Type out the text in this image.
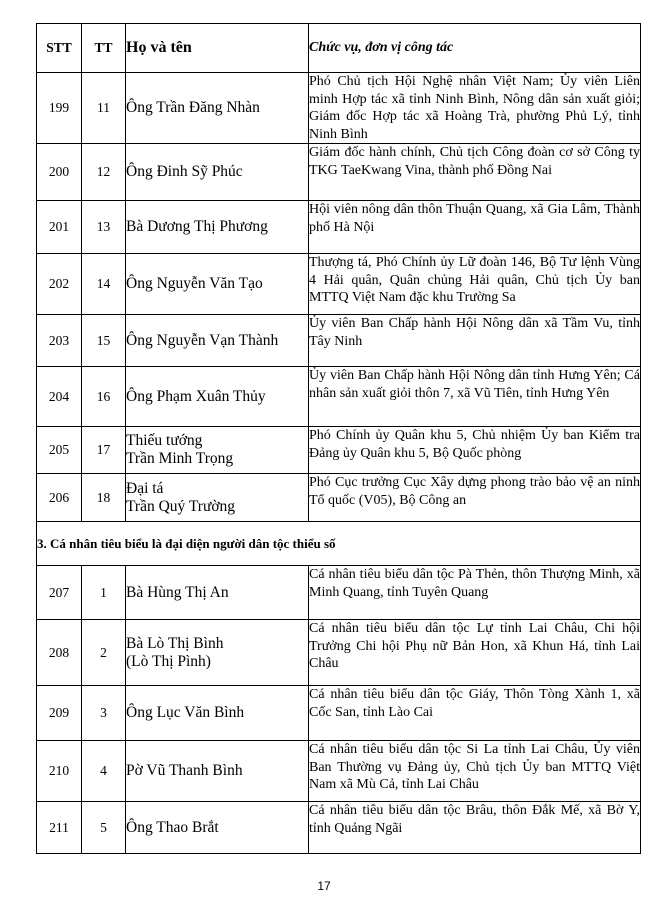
STT	TT	Họ và tên	Chức vụ, đơn vị công tác
199	11	Ông Trần Đăng Nhàn	Phó Chủ tịch Hội Nghệ nhân Việt Nam; Ủy viên Liên minh Hợp tác xã tỉnh Ninh Bình, Nông dân sản xuất giỏi; Giám đốc Hợp tác xã Hoàng Trà, phường Phủ Lý, tỉnh Ninh Bình
200	12	Ông Đinh Sỹ Phúc	Giám đốc hành chính, Chủ tịch Công đoàn cơ sở Công ty TKG TaeKwang Vina, thành phố Đồng Nai
201	13	Bà Dương Thị Phương	Hội viên nông dân thôn Thuận Quang, xã Gia Lâm, Thành phố Hà Nội
202	14	Ông Nguyễn Văn Tạo	Thượng tá, Phó Chính ủy Lữ đoàn 146, Bộ Tư lệnh Vùng 4 Hải quân, Quân chủng Hải quân, Chủ tịch Ủy ban MTTQ Việt Nam đặc khu Trường Sa
203	15	Ông Nguyễn Vạn Thành	Ủy viên Ban Chấp hành Hội Nông dân xã Tầm Vu, tỉnh Tây Ninh
204	16	Ông Phạm Xuân Thủy	Ủy viên Ban Chấp hành Hội Nông dân tỉnh Hưng Yên; Cá nhân sản xuất giỏi thôn 7, xã Vũ Tiên, tỉnh Hưng Yên
205	17	Thiếu tướng
Trần Minh Trọng	Phó Chính ủy Quân khu 5, Chủ nhiệm Ủy ban Kiểm tra Đảng ủy Quân khu 5, Bộ Quốc phòng
206	18	Đại tá
Trần Quý Trường	Phó Cục trưởng Cục Xây dựng phong trào bảo vệ an ninh Tổ quốc (V05), Bộ Công an
3. Cá nhân tiêu biểu là đại diện người dân tộc thiểu số			
207	1	Bà Hùng Thị An	Cá nhân tiêu biểu dân tộc Pà Thẻn, thôn Thượng Minh, xã Minh Quang, tỉnh Tuyên Quang
208	2	Bà Lò Thị Bình
(Lò Thị Pình)	Cá nhân tiêu biểu dân tộc Lự tỉnh Lai Châu, Chi hội Trưởng Chi hội Phụ nữ Bản Hon, xã Khun Há, tỉnh Lai Châu
209	3	Ông Lục Văn Bình	Cá nhân tiêu biểu dân tộc Giáy, Thôn Tòng Xành 1, xã Cốc San, tỉnh Lào Cai
210	4	Pờ Vũ Thanh Bình	Cá nhân tiêu biểu dân tộc Si La tỉnh Lai Châu, Ủy viên Ban Thường vụ Đảng ủy, Chủ tịch Ủy ban MTTQ Việt Nam xã Mù Cả, tỉnh Lai Châu
211	5	Ông Thao Brắt	Cá nhân tiêu biểu dân tộc Brâu, thôn Đắk Mế, xã Bờ Y, tỉnh Quảng Ngãi
17
